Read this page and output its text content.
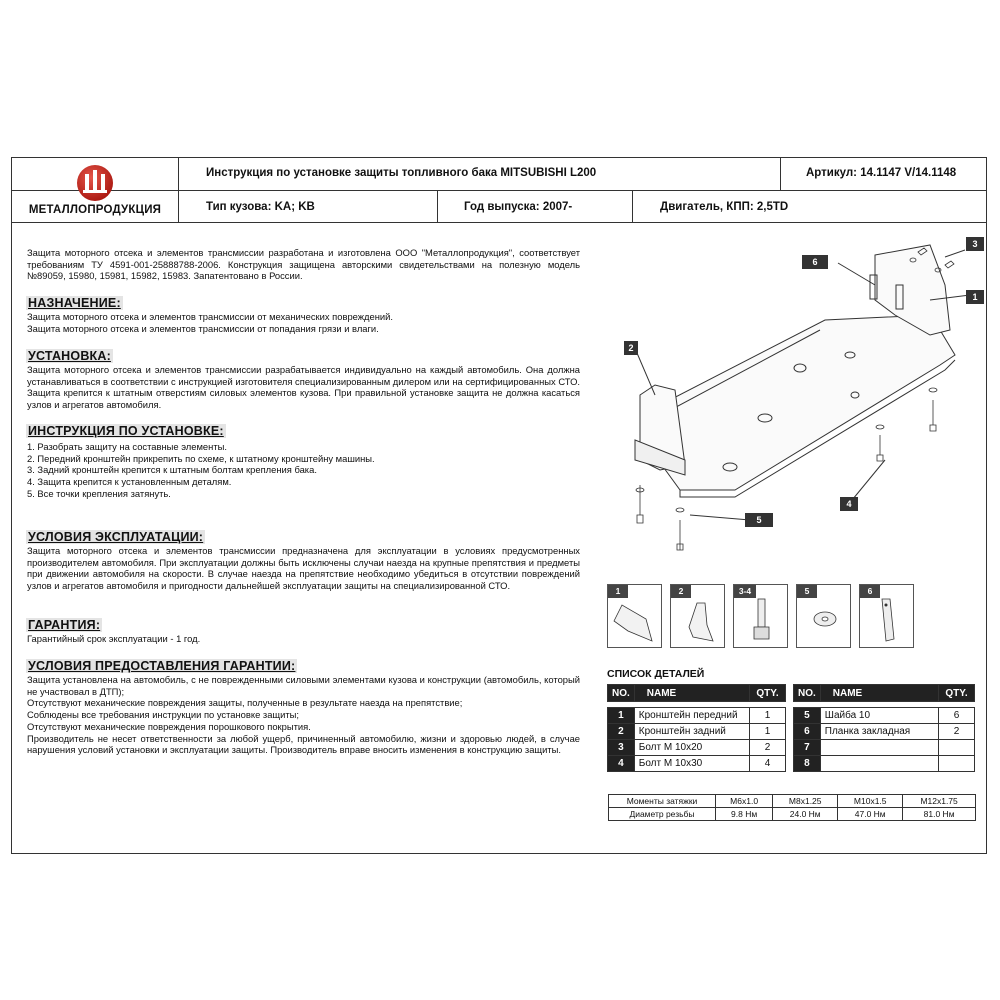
МЕТАЛЛОПРОДУКЦИЯ
Инструкция по установке защиты топливного бака MITSUBISHI L200	Артикул: 14.1147 V/14.1148
Тип кузова: KA; KB	Год выпуска: 2007-	Двигатель, КПП: 2,5TD
Защита моторного отсека и элементов трансмиссии разработана и изготовлена ООО "Металлопродукция", соответствует требованиям ТУ 4591-001-25888788-2006. Конструкция защищена авторскими свидетельствами на полезную модель №89059, 15980, 15981, 15982, 15983. Запатентовано в России.
НАЗНАЧЕНИЕ:

Защита моторного отсека и элементов трансмиссии от механических повреждений.

Защита моторного отсека и элементов трансмиссии от попадания грязи и влаги.

УСТАНОВКА:
Защита моторного отсека и элементов трансмиссии разрабатывается индивидуально на каждый автомобиль. Она должна устанавливаться в соответствии с инструкцией изготовителя специализированным дилером или на сертифицированных СТО. Защита крепится к штатным отверстиям силовых элементов кузова. При правильной установке защита не должна касаться узлов и агрегатов автомобиля.
ИНСТРУКЦИЯ ПО УСТАНОВКЕ:

1. Разобрать защиту на составные элементы.

2. Передний кронштейн прикрепить по схеме, к штатному кронштейну машины.

3. Задний кронштейн крепится к штатным болтам крепления бака.

4. Защита крепится к установленным деталям.

5. Все точки крепления затянуть.

УСЛОВИЯ ЭКСПЛУАТАЦИИ:
Защита моторного отсека и элементов трансмиссии предназначена для эксплуатации в условиях предусмотренных производителем автомобиля. При эксплуатации должны быть исключены случаи наезда на крупные препятствия и предметы при движении автомобиля на скорости. В случае наезда на препятствие необходимо убедиться в отсутствии повреждений узлов и агрегатов автомобиля и пригодности дальнейшей эксплуатации защиты на специализированной СТО.
ГАРАНТИЯ:
Гарантийный срок эксплуатации - 1 год.
УСЛОВИЯ ПРЕДОСТАВЛЕНИЯ ГАРАНТИИ:

Защита установлена на автомобиль, с не поврежденными силовыми элементами кузова и конструкции (автомобиль, который не участвовал в ДТП);

Отсутствуют механические повреждения защиты, полученные в результате наезда на препятствие;

Соблюдены все требования инструкции по установке защиты;

Отсутствуют механические повреждения порошкового покрытия.

Производитель не несет ответственности за любой ущерб, причиненный автомобилю, жизни и здоровью людей, в случае нарушения условий установки и эксплуатации защиты. Производитель вправе вносить изменения в конструкцию защиты.

2
6
3
1
4
5
1	2	3-4	5	6
СПИСОК ДЕТАЛЕЙ
NO.	NAME	QTY.

1	Кронштейн передний	1
2	Кронштейн задний	1
3	Болт М 10х20	2
4	Болт М 10х30	4
NO.	NAME	QTY.

5	Шайба 10	6
6	Планка закладная	2
7		
8		
Моменты затяжки	M6x1.0	M8x1.25	M10x1.5	M12x1.75
Диаметр резьбы	9.8 Нм	24.0 Нм	47.0 Нм	81.0 Нм
